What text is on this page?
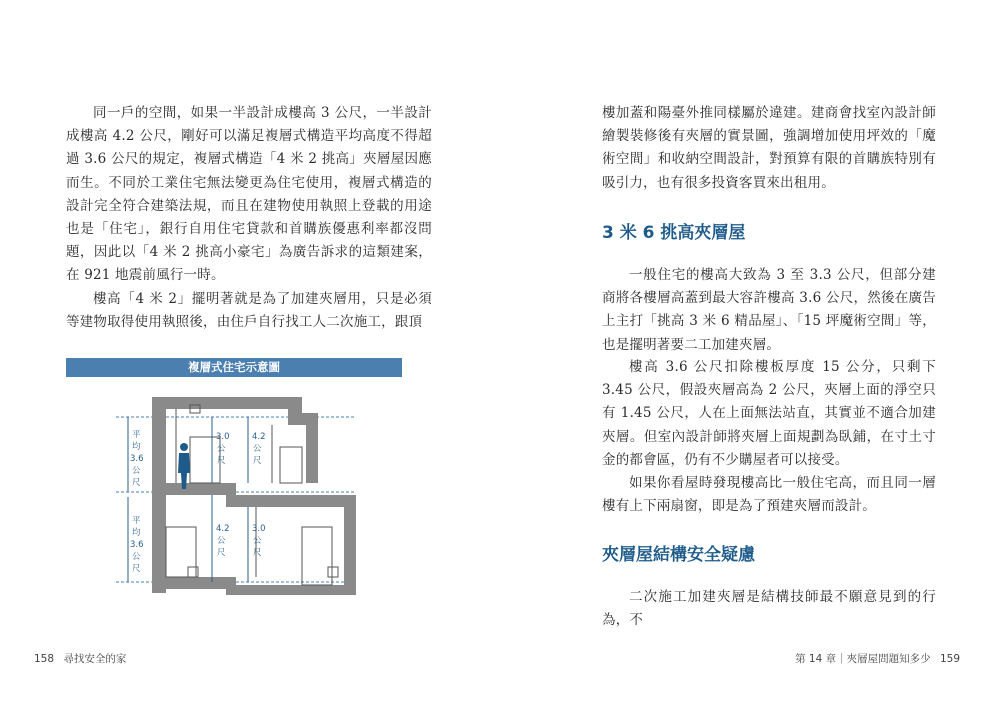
同一戶的空間，如果一半設計成樓高 3 公尺，一半設計成樓高 4.2 公尺，剛好可以滿足複層式構造平均高度不得超過 3.6 公尺的規定，複層式構造「4 米 2 挑高」夾層屋因應而生。不同於工業住宅無法變更為住宅使用，複層式構造的設計完全符合建築法規，而且在建物使用執照上登載的用途也是「住宅」，銀行自用住宅貸款和首購族優惠利率都沒問題，因此以「4 米 2 挑高小豪宅」為廣告訴求的這類建案，在 921 地震前風行一時。

樓高「4 米 2」擺明著就是為了加建夾層用，只是必須等建物取得使用執照後，由住戶自行找工人二次施工，跟頂

複層式住宅示意圖
平
均
3.6
公
尺
平
均
3.6
公
尺
3.0
公
尺
4.2
公
尺
4.2
公
尺
3.0
公
尺
158 尋找安全的家

樓加蓋和陽臺外推同樣屬於違建。建商會找室內設計師繪製裝修後有夾層的實景圖，強調增加使用坪效的「魔術空間」和收納空間設計，對預算有限的首購族特別有吸引力，也有很多投資客買來出租用。

3 米 6 挑高夾層屋

一般住宅的樓高大致為 3 至 3.3 公尺，但部分建商將各樓層高蓋到最大容許樓高 3.6 公尺，然後在廣告上主打「挑高 3 米 6 精品屋」、「15 坪魔術空間」等，也是擺明著要二工加建夾層。

樓高 3.6 公尺扣除樓板厚度 15 公分，只剩下 3.45 公尺，假設夾層高為 2 公尺，夾層上面的淨空只有 1.45 公尺，人在上面無法站直，其實並不適合加建夾層。但室內設計師將夾層上面規劃為臥鋪，在寸土寸金的都會區，仍有不少購屋者可以接受。

如果你看屋時發現樓高比一般住宅高，而且同一層樓有上下兩扇窗，即是為了預建夾層而設計。

夾層屋結構安全疑慮

二次施工加建夾層是結構技師最不願意見到的行為，不

第 14 章｜夾層屋問題知多少 159
